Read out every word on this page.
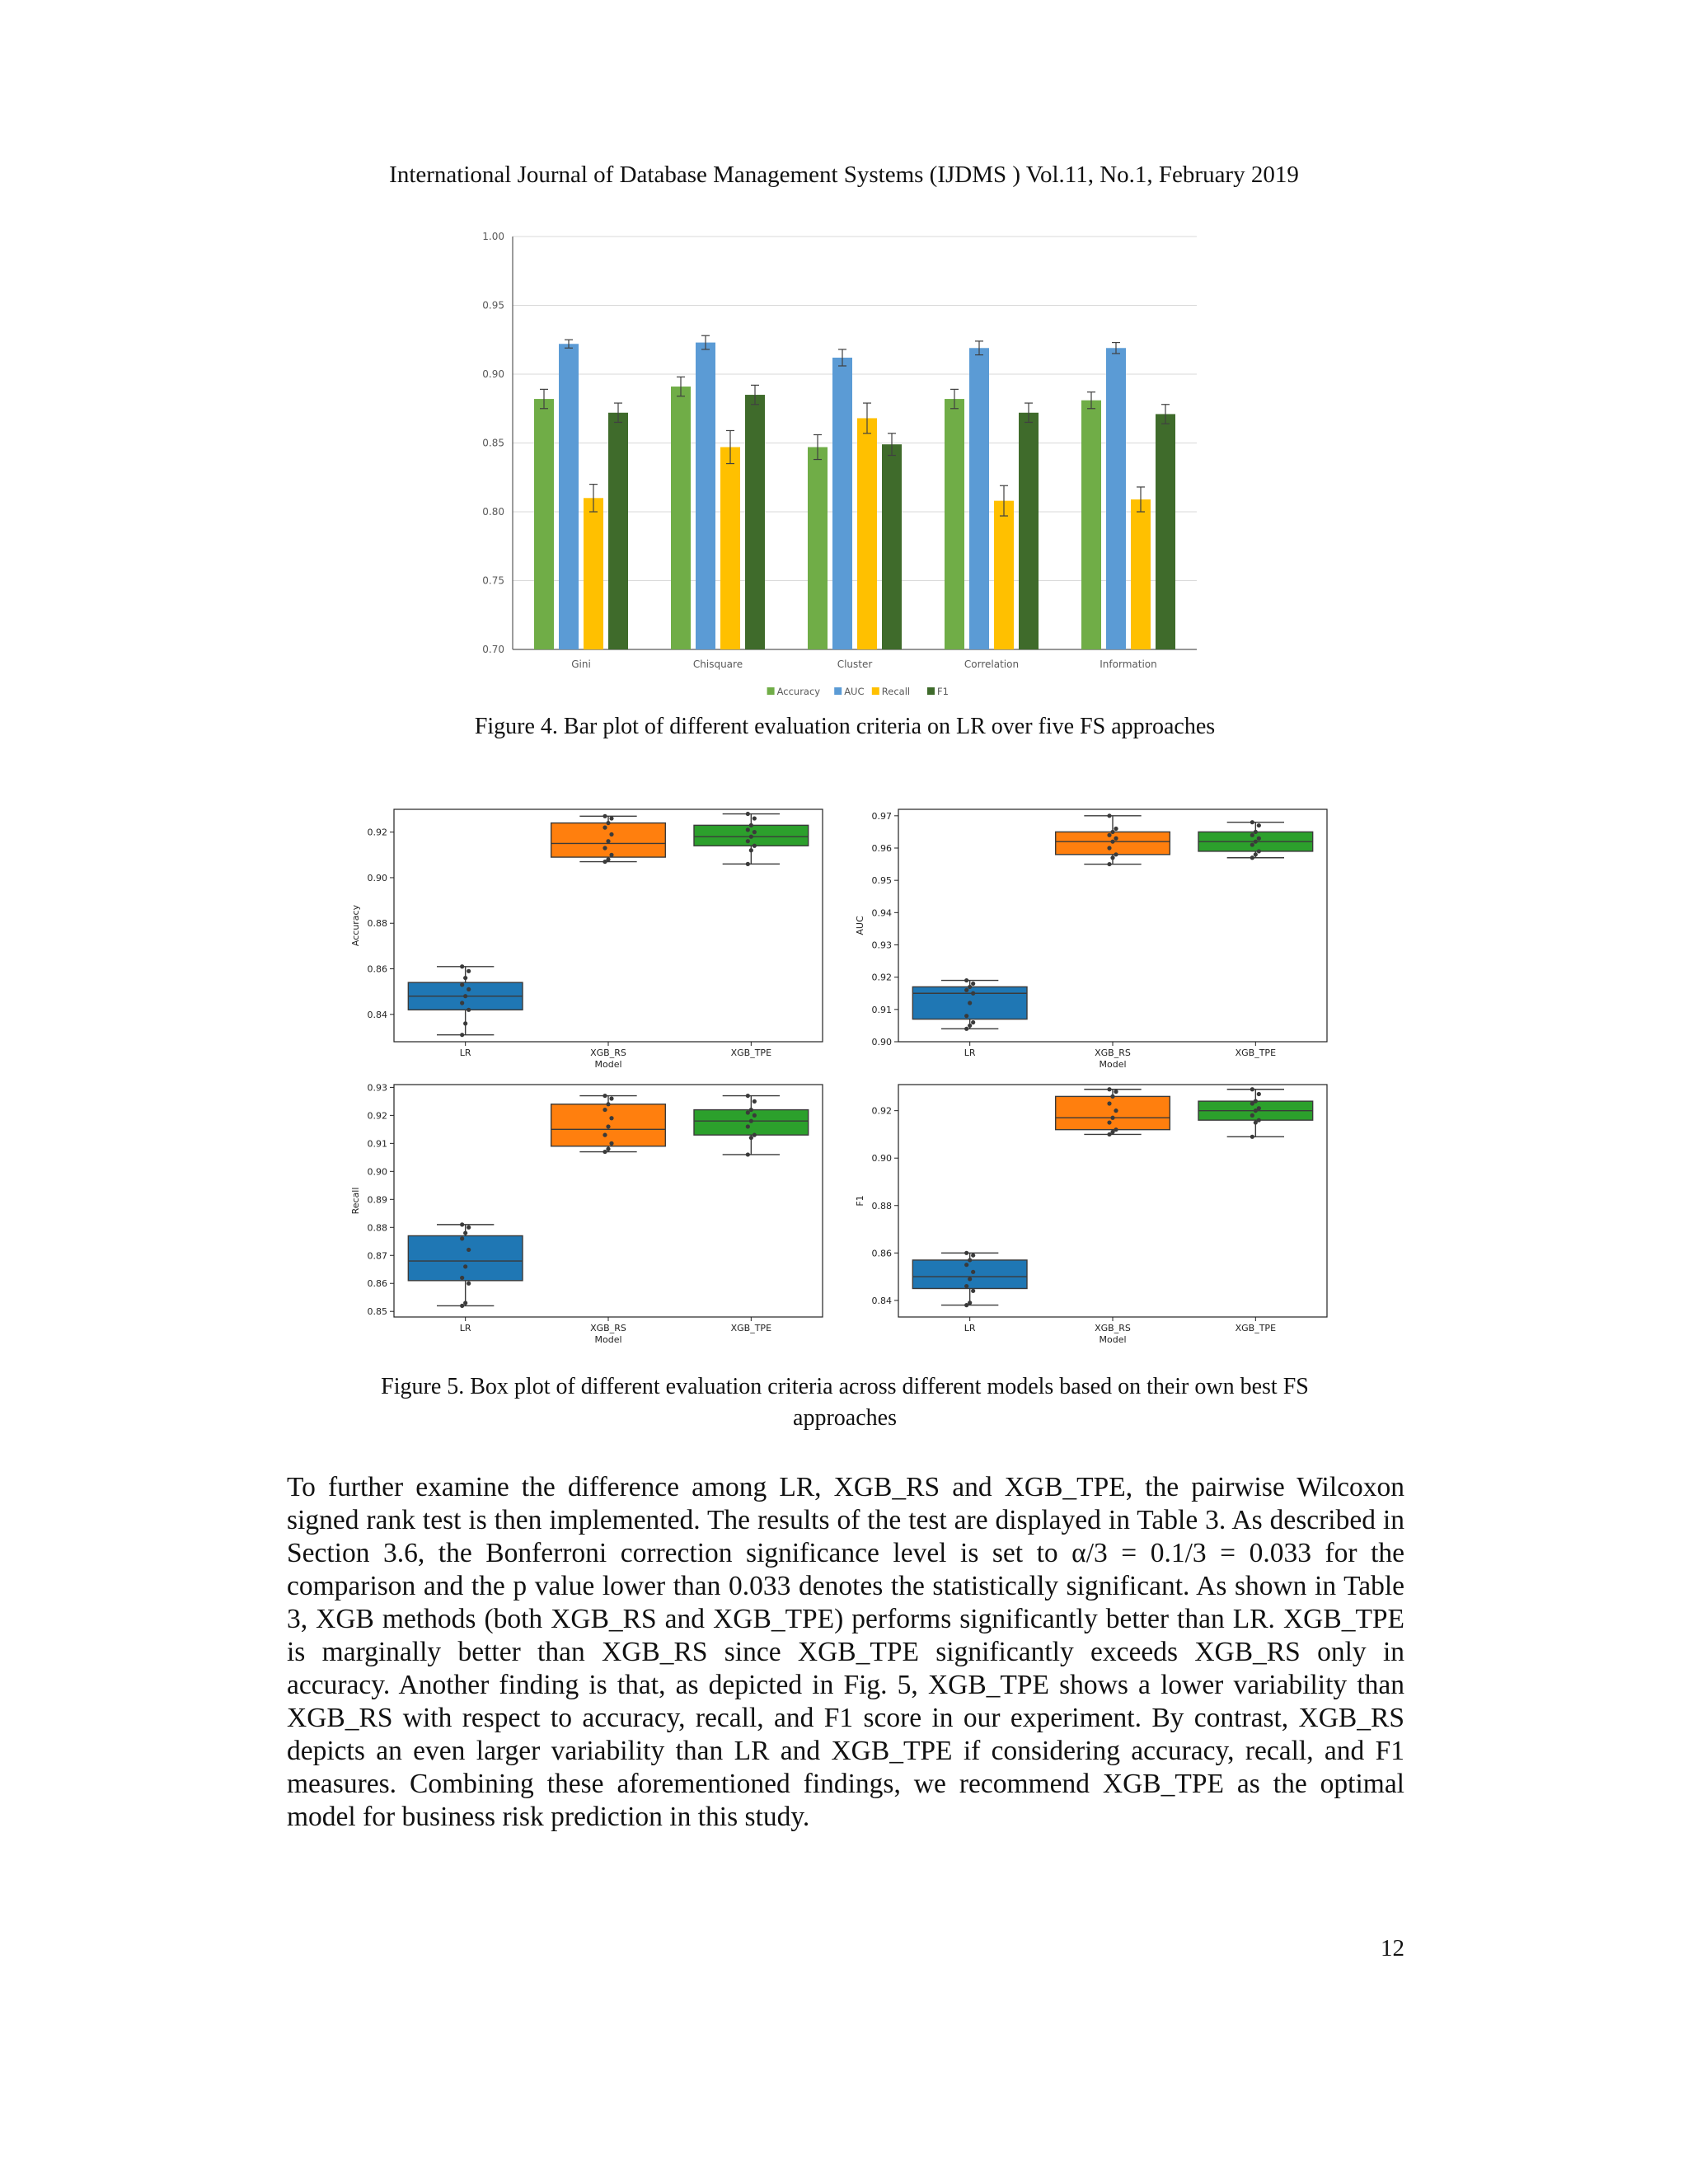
International Journal of Database Management Systems (IJDMS ) Vol.11, No.1, February 2019
0.70
0.75
0.80
0.85
0.90
0.95
1.00
Gini	Chisquare	Cluster	Correlation	Information
Accuracy	AUC Recall	F1
Figure 4. Bar plot of different evaluation criteria on LR over five FS approaches
0.84
0.86
0.88
0.90
0.92
Accuracy
LR	XGB_RS	XGB_TPE
Model
0.90
0.91
0.92
0.93
0.94
0.95
0.96
0.97
AUC
LR	XGB_RS	XGB_TPE
Model
0.85
0.86
0.87
0.88
0.89
0.90
0.91
0.92
0.93
Recall
LR	XGB_RS	XGB_TPE
Model
0.84
0.86
0.88
0.90
0.92
F1
LR	XGB_RS	XGB_TPE
Model
Figure 5. Box plot of different evaluation criteria across different models based on their own best FS
approaches
To further examine the difference among LR, XGB_RS and XGB_TPE, the pairwise Wilcoxon signed rank test is then implemented. The results of the test are displayed in Table 3. As described in Section 3.6, the Bonferroni correction significance level is set to α/3 = 0.1/3 = 0.033 for the comparison and the p value lower than 0.033 denotes the statistically significant. As shown in Table 3, XGB methods (both XGB_RS and XGB_TPE) performs significantly better than LR. XGB_TPE is marginally better than XGB_RS since XGB_TPE significantly exceeds XGB_RS only in accuracy. Another finding is that, as depicted in Fig. 5, XGB_TPE shows a lower variability than XGB_RS with respect to accuracy, recall, and F1 score in our experiment. By contrast, XGB_RS depicts an even larger variability than LR and XGB_TPE if considering accuracy, recall, and F1 measures. Combining these aforementioned findings, we recommend XGB_TPE as the optimal model for business risk prediction in this study.
12
